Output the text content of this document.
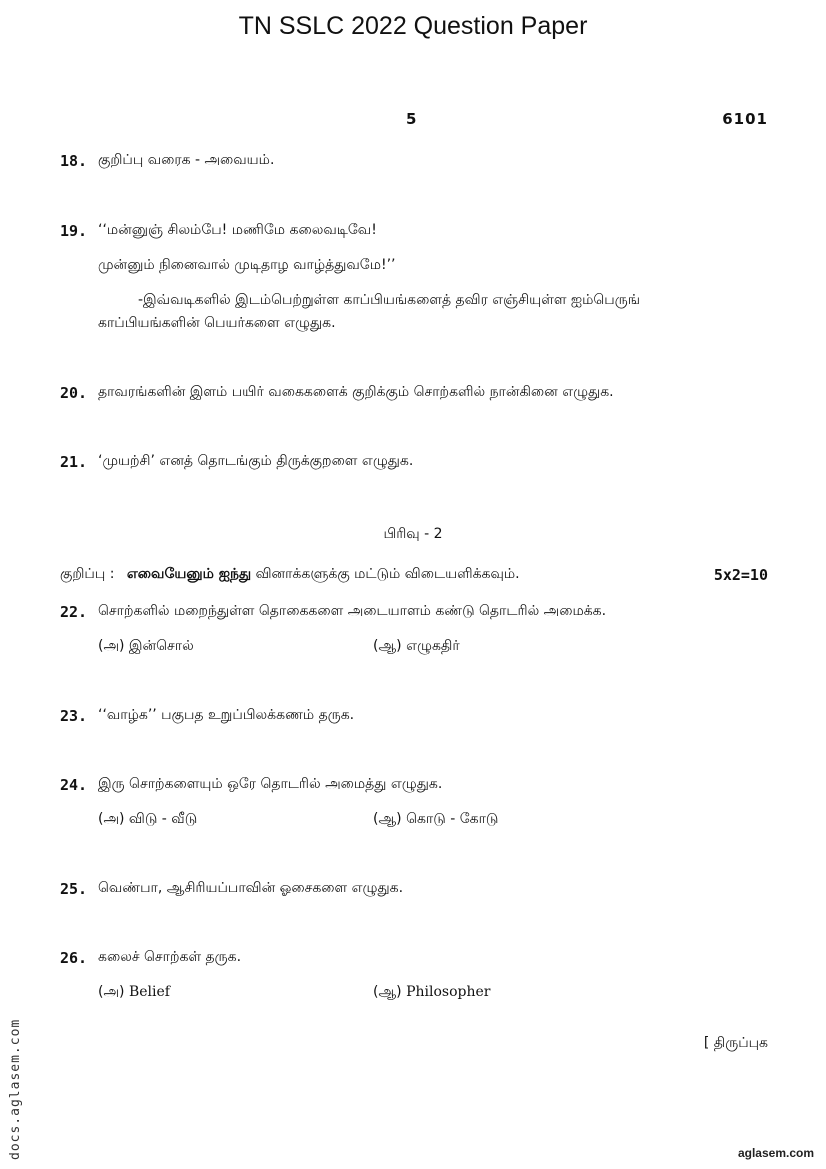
TN SSLC 2022 Question Paper
5	6101
18. குறிப்பு வரைக - அவையம்.
19. ‘‘மன்னுஞ் சிலம்பே! மணிமே கலைவடிவே!
முன்னும் நினைவால் முடிதாழ வாழ்த்துவமே!’’
-இவ்வடிகளில் இடம்பெற்றுள்ள காப்பியங்களைத் தவிர எஞ்சியுள்ள ஐம்பெருங்
காப்பியங்களின் பெயர்களை எழுதுக.
20. தாவரங்களின் இளம் பயிர் வகைகளைக் குறிக்கும் சொற்களில் நான்கினை எழுதுக.
21. ‘முயற்சி’ எனத் தொடங்கும் திருக்குறளை எழுதுக.
பிரிவு - 2
குறிப்பு : எவையேனும் ஐந்து வினாக்களுக்கு மட்டும் விடையளிக்கவும்.	5x2=10
22. சொற்களில் மறைந்துள்ள தொகைகளை அடையாளம் கண்டு தொடரில் அமைக்க.
(அ) இன்சொல்	(ஆ) எழுகதிர்
23. ‘‘வாழ்க’’ பகுபத உறுப்பிலக்கணம் தருக.
24. இரு சொற்களையும் ஒரே தொடரில் அமைத்து எழுதுக.
(அ) விடு - வீடு	(ஆ) கொடு - கோடு
25. வெண்பா, ஆசிரியப்பாவின் ஓசைகளை எழுதுக.
26. கலைச் சொற்கள் தருக.
(அ) Belief	(ஆ) Philosopher
[ திருப்புக
docs.aglasem.com	aglasem.com
